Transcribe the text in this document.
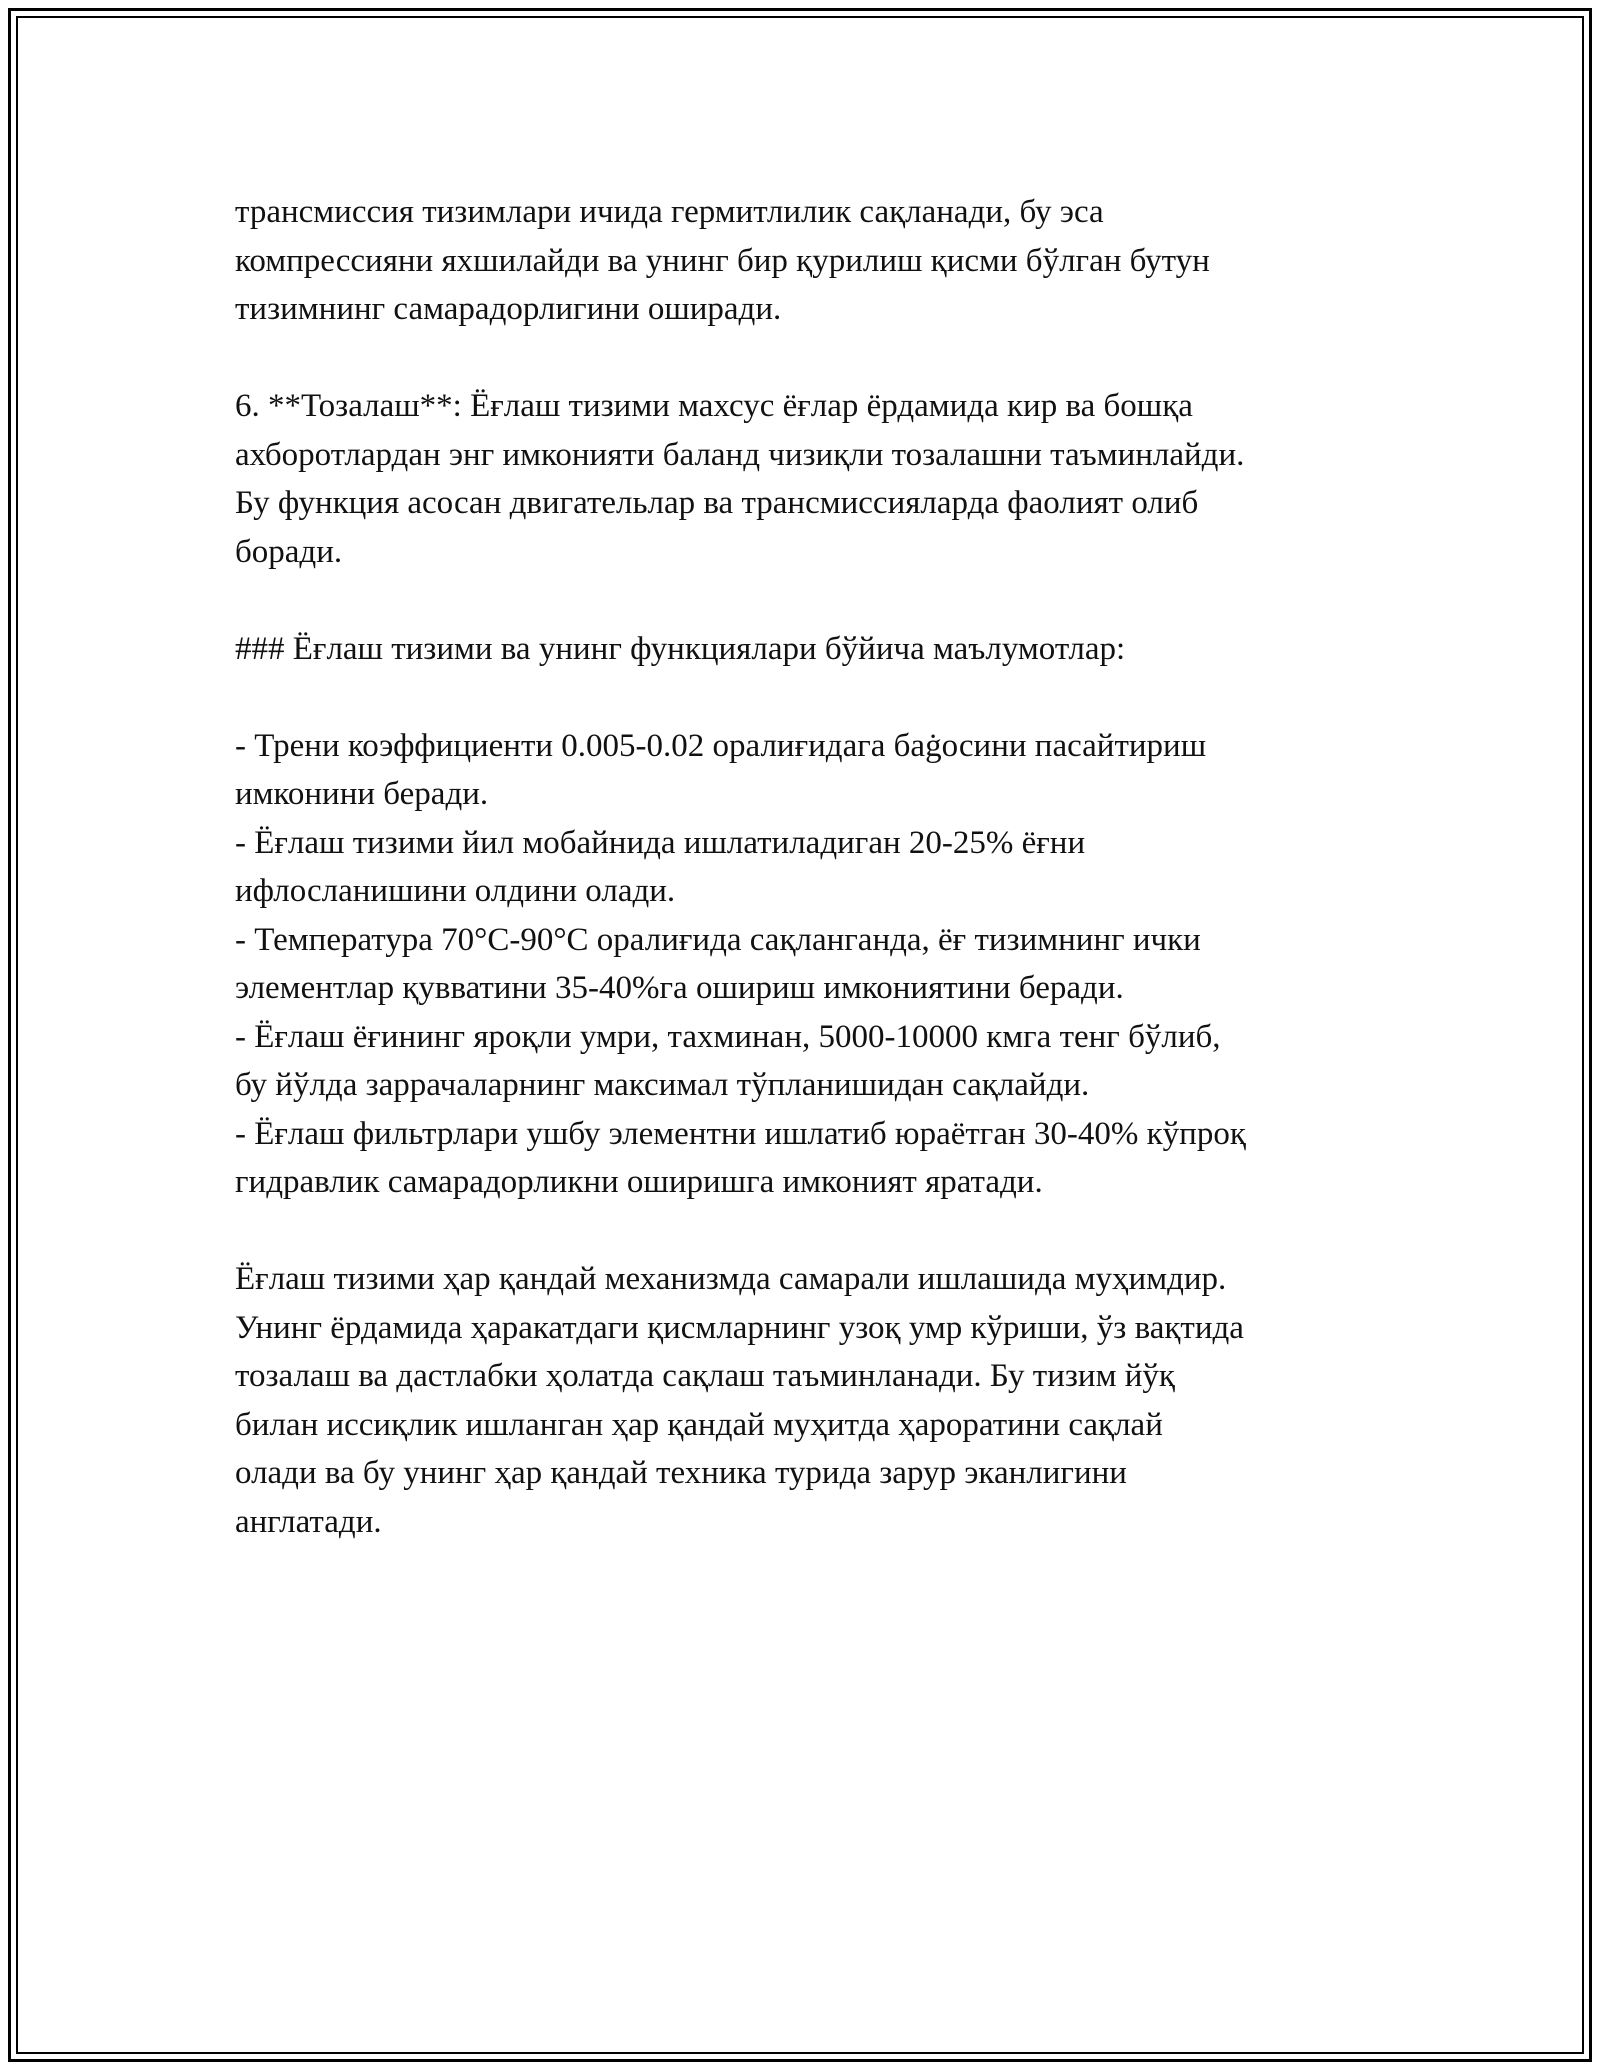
трансмиссия тизимлари ичида гермитлилик сақланади, бу эса
компрессияни яхшилайди ва унинг бир қурилиш қисми бўлган бутун
тизимнинг самарадорлигини оширади.

6. **Тозалаш**: Ёғлаш тизими махсус ёғлар ёрдамида кир ва бошқа
ахборотлардан энг имконияти баланд чизиқли тозалашни таъминлайди.
Бу функция асосан двигательлар ва трансмиссияларда фаолият олиб
боради.

### Ёғлаш тизими ва унинг функциялари бўйича маълумотлар:

- Трени коэффициенти 0.005-0.02 оралиғидага баġосини пасайтириш
имконини беради.

- Ёғлаш тизими йил мобайнида ишлатиладиган 20-25% ёғни
ифлосланишини олдини олади.

- Температура 70°C-90°C оралиғида сақланганда, ёғ тизимнинг ички
элементлар қувватини 35-40%га ошириш имкониятини беради.

- Ёғлаш ёғининг яроқли умри, тахминан, 5000-10000 кмга тенг бўлиб,
бу йўлда заррачаларнинг максимал тўпланишидан сақлайди.

- Ёғлаш фильтрлари ушбу элементни ишлатиб юраётган 30-40% кўпроқ
гидравлик самарадорликни оширишга имконият яратади.

Ёғлаш тизими ҳар қандай механизмда самарали ишлашида муҳимдир.
Унинг ёрдамида ҳаракатдаги қисмларнинг узоқ умр кўриши, ўз вақтида
тозалаш ва дастлабки ҳолатда сақлаш таъминланади. Бу тизим йўқ
билан иссиқлик ишланган ҳар қандай муҳитда ҳароратини сақлай
олади ва бу унинг ҳар қандай техника турида зарур эканлигини
англатади.
